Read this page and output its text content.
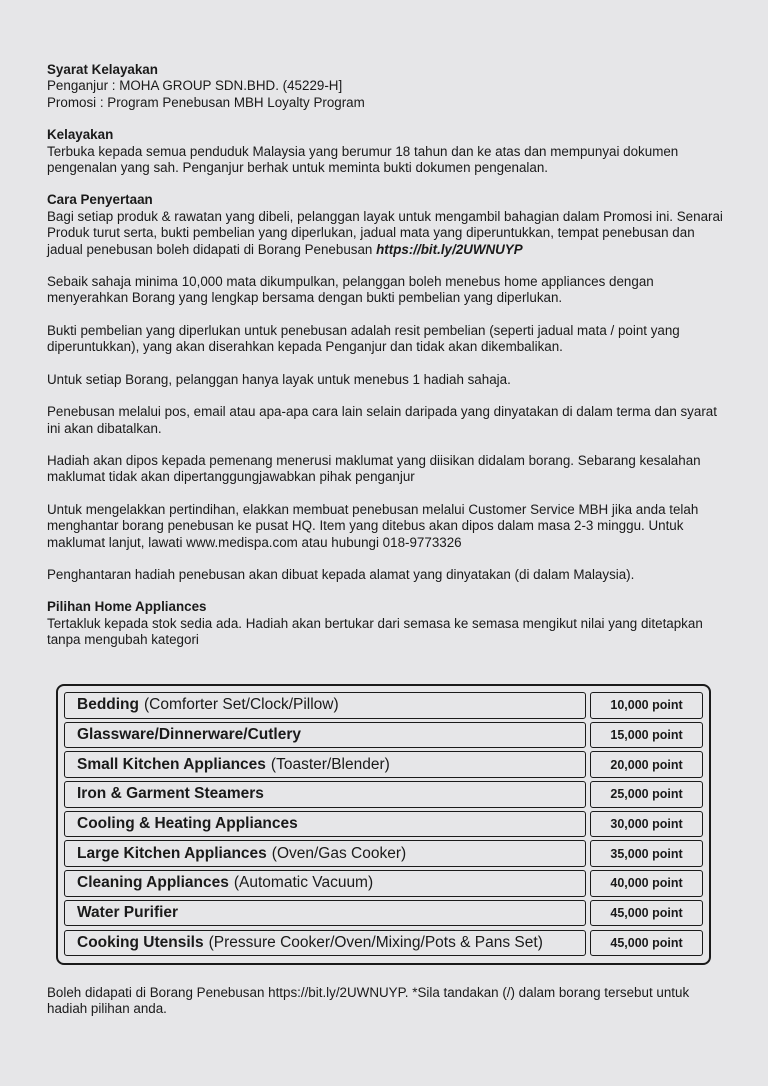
Syarat Kelayakan

Penganjur : MOHA GROUP SDN.BHD. (45229-H]

Promosi : Program Penebusan MBH Loyalty Program

Kelayakan

Terbuka kepada semua penduduk Malaysia yang berumur 18 tahun dan ke atas dan mempunyai dokumen pengenalan yang sah. Penganjur berhak untuk meminta bukti dokumen pengenalan.

Cara Penyertaan

Bagi setiap produk & rawatan yang dibeli, pelanggan layak untuk mengambil bahagian dalam Promosi ini. Senarai Produk turut serta, bukti pembelian yang diperlukan, jadual mata yang diperuntukkan, tempat penebusan dan jadual penebusan boleh didapati di Borang Penebusan https://bit.ly/2UWNUYP

Sebaik sahaja minima 10,000 mata dikumpulkan, pelanggan boleh menebus home appliances dengan menyerahkan Borang yang lengkap bersama dengan bukti pembelian yang diperlukan.

Bukti pembelian yang diperlukan untuk penebusan adalah resit pembelian (seperti jadual mata / point yang diperuntukkan), yang akan diserahkan kepada Penganjur dan tidak akan dikembalikan.

Untuk setiap Borang, pelanggan hanya layak untuk menebus 1 hadiah sahaja.

Penebusan melalui pos, email atau apa-apa cara lain selain daripada yang dinyatakan di dalam terma dan syarat ini akan dibatalkan.

Hadiah akan dipos kepada pemenang menerusi maklumat yang diisikan didalam borang. Sebarang kesalahan maklumat tidak akan dipertanggungjawabkan pihak penganjur

Untuk mengelakkan pertindihan, elakkan membuat penebusan melalui Customer Service MBH jika anda telah menghantar borang penebusan ke pusat HQ. Item yang ditebus akan dipos dalam masa 2-3 minggu. Untuk maklumat lanjut, lawati www.medispa.com atau hubungi 018-9773326

Penghantaran hadiah penebusan akan dibuat kepada alamat yang dinyatakan (di dalam Malaysia).

Pilihan Home Appliances

Tertakluk kepada stok sedia ada. Hadiah akan bertukar dari semasa ke semasa mengikut nilai yang ditetapkan tanpa mengubah kategori

Bedding (Comforter Set/Clock/Pillow)	10,000 point
Glassware/Dinnerware/Cutlery	15,000 point
Small Kitchen Appliances (Toaster/Blender)	20,000 point
Iron & Garment Steamers	25,000 point
Cooling & Heating Appliances	30,000 point
Large Kitchen Appliances (Oven/Gas Cooker)	35,000 point
Cleaning Appliances (Automatic Vacuum)	40,000 point
Water Purifier	45,000 point
Cooking Utensils (Pressure Cooker/Oven/Mixing/Pots & Pans Set)	45,000 point

Boleh didapati di Borang Penebusan https://bit.ly/2UWNUYP. *Sila tandakan (/) dalam borang tersebut untuk hadiah pilihan anda.
